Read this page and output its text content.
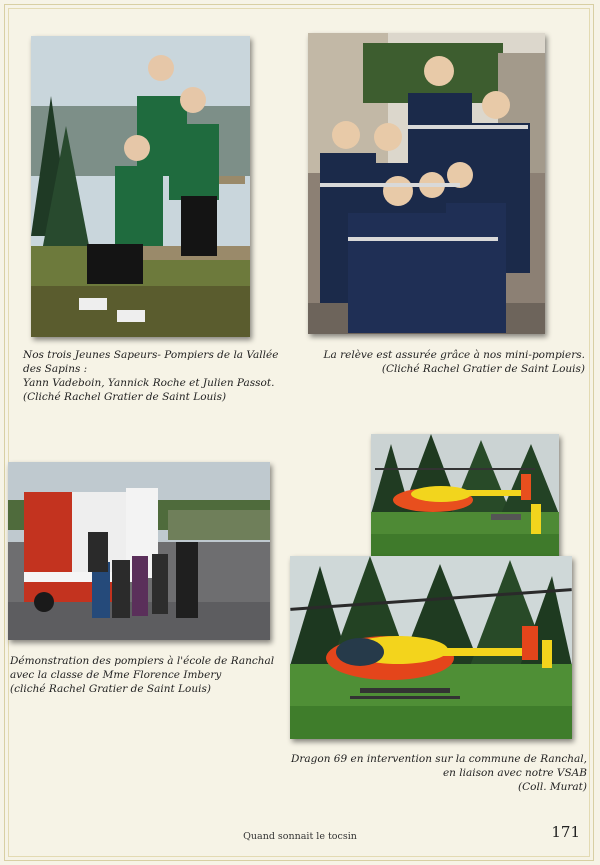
Nos trois Jeunes Sapeurs- Pompiers de la Vallée

des Sapins :

Yann Vadeboin, Yannick Roche et Julien Passot.

(Cliché Rachel Gratier de Saint Louis)

La relève est assurée grâce à nos mini-pompiers.

(Cliché Rachel Gratier de Saint Louis)

Démonstration des pompiers à l'école de Ranchal

avec la classe de Mme Florence Imbery

(cliché Rachel Gratier de Saint Louis)

Dragon 69 en intervention sur la commune de Ranchal,

en liaison avec notre VSAB

(Coll. Murat)

Quand sonnait le tocsin	171
